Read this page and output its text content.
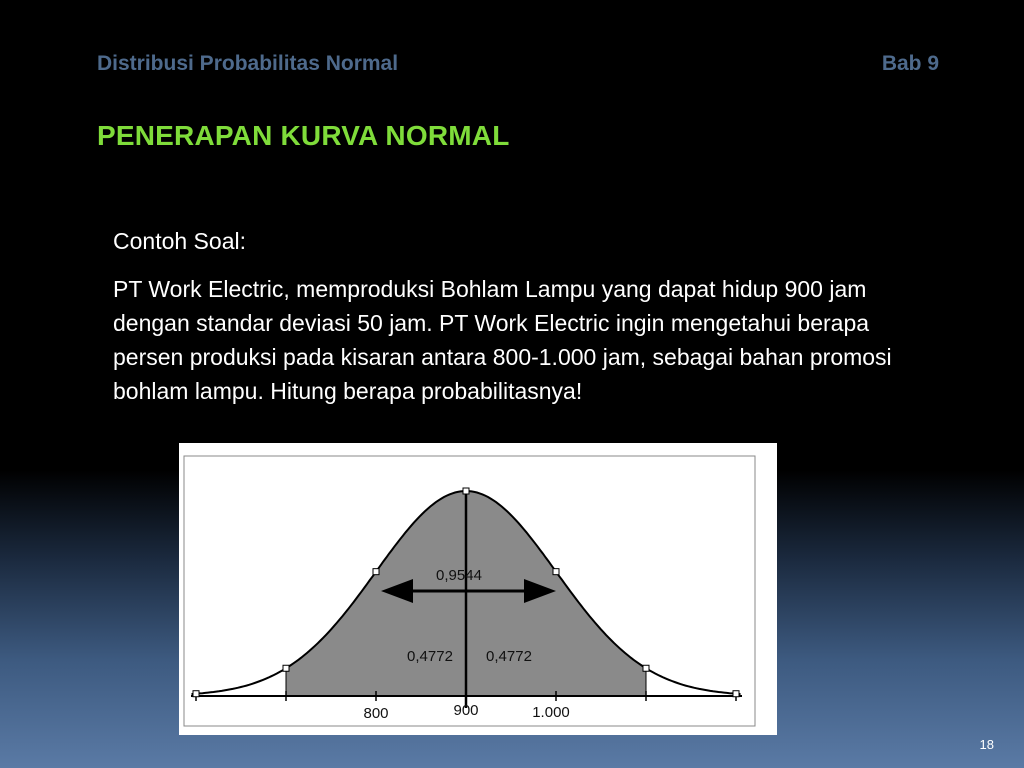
Distribusi Probabilitas Normal	Bab 9
PENERAPAN KURVA NORMAL

Contoh Soal:

PT Work Electric, memproduksi Bohlam Lampu yang dapat hidup 900 jam dengan standar deviasi 50 jam. PT Work Electric ingin mengetahui berapa persen produksi pada kisaran antara 800-1.000 jam, sebagai bahan promosi bohlam lampu. Hitung berapa probabilitasnya!

0,9544
0,4772 0,4772
800	900	1.000
18
